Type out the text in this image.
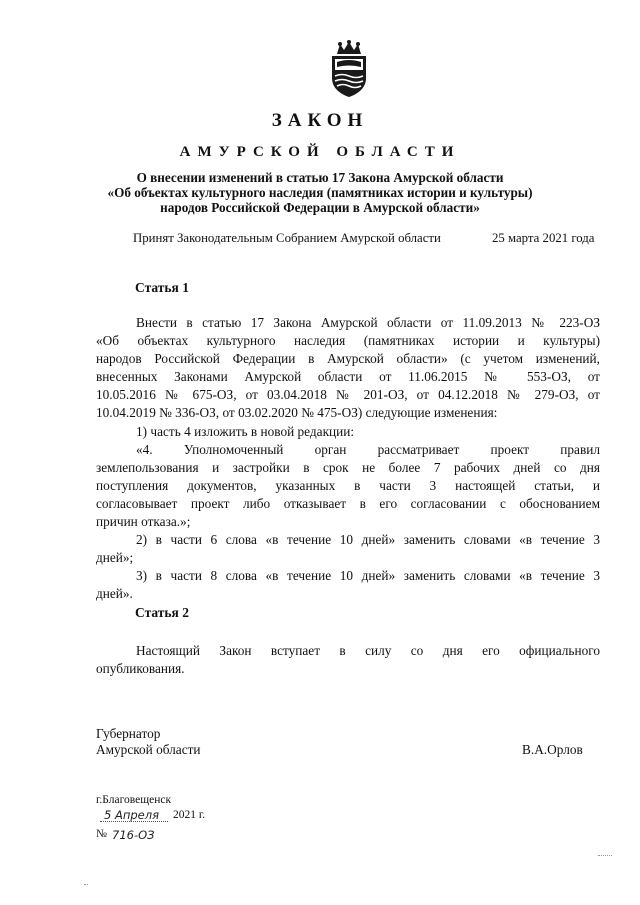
ЗАКОН
АМУРСКОЙ ОБЛАСТИ
О внесении изменений в статью 17 Закона Амурской области
«Об объектах культурного наследия (памятниках истории и культуры)
народов Российской Федерации в Амурской области»
Принят Законодательным Собранием Амурской области	25 марта 2021 года
Статья 1

Внести в статью 17 Закона Амурской области от 11.09.2013 № 223-ОЗ

«Об объектах культурного наследия (памятниках истории и культуры)

народов Российской Федерации в Амурской области» (с учетом изменений,

внесенных Законами Амурской области от 11.06.2015 № 553-ОЗ, от

10.05.2016 № 675-ОЗ, от 03.04.2018 № 201-ОЗ, от 04.12.2018 № 279-ОЗ, от

10.04.2019 № 336-ОЗ, от 03.02.2020 № 475-ОЗ) следующие изменения:

1) часть 4 изложить в новой редакции:

«4. Уполномоченный орган рассматривает проект правил

землепользования и застройки в срок не более 7 рабочих дней со дня

поступления документов, указанных в части 3 настоящей статьи, и

согласовывает проект либо отказывает в его согласовании с обоснованием

причин отказа.»;

2) в части 6 слова «в течение 10 дней» заменить словами «в течение 3

дней»;

3) в части 8 слова «в течение 10 дней» заменить словами «в течение 3

дней».

Статья 2

Настоящий Закон вступает в силу со дня его официального

опубликования.

Губернатор
Амурской области	В.А.Орлов
г.Благовещенск
5 Апреля 2021 г.
№ 716-ОЗ
